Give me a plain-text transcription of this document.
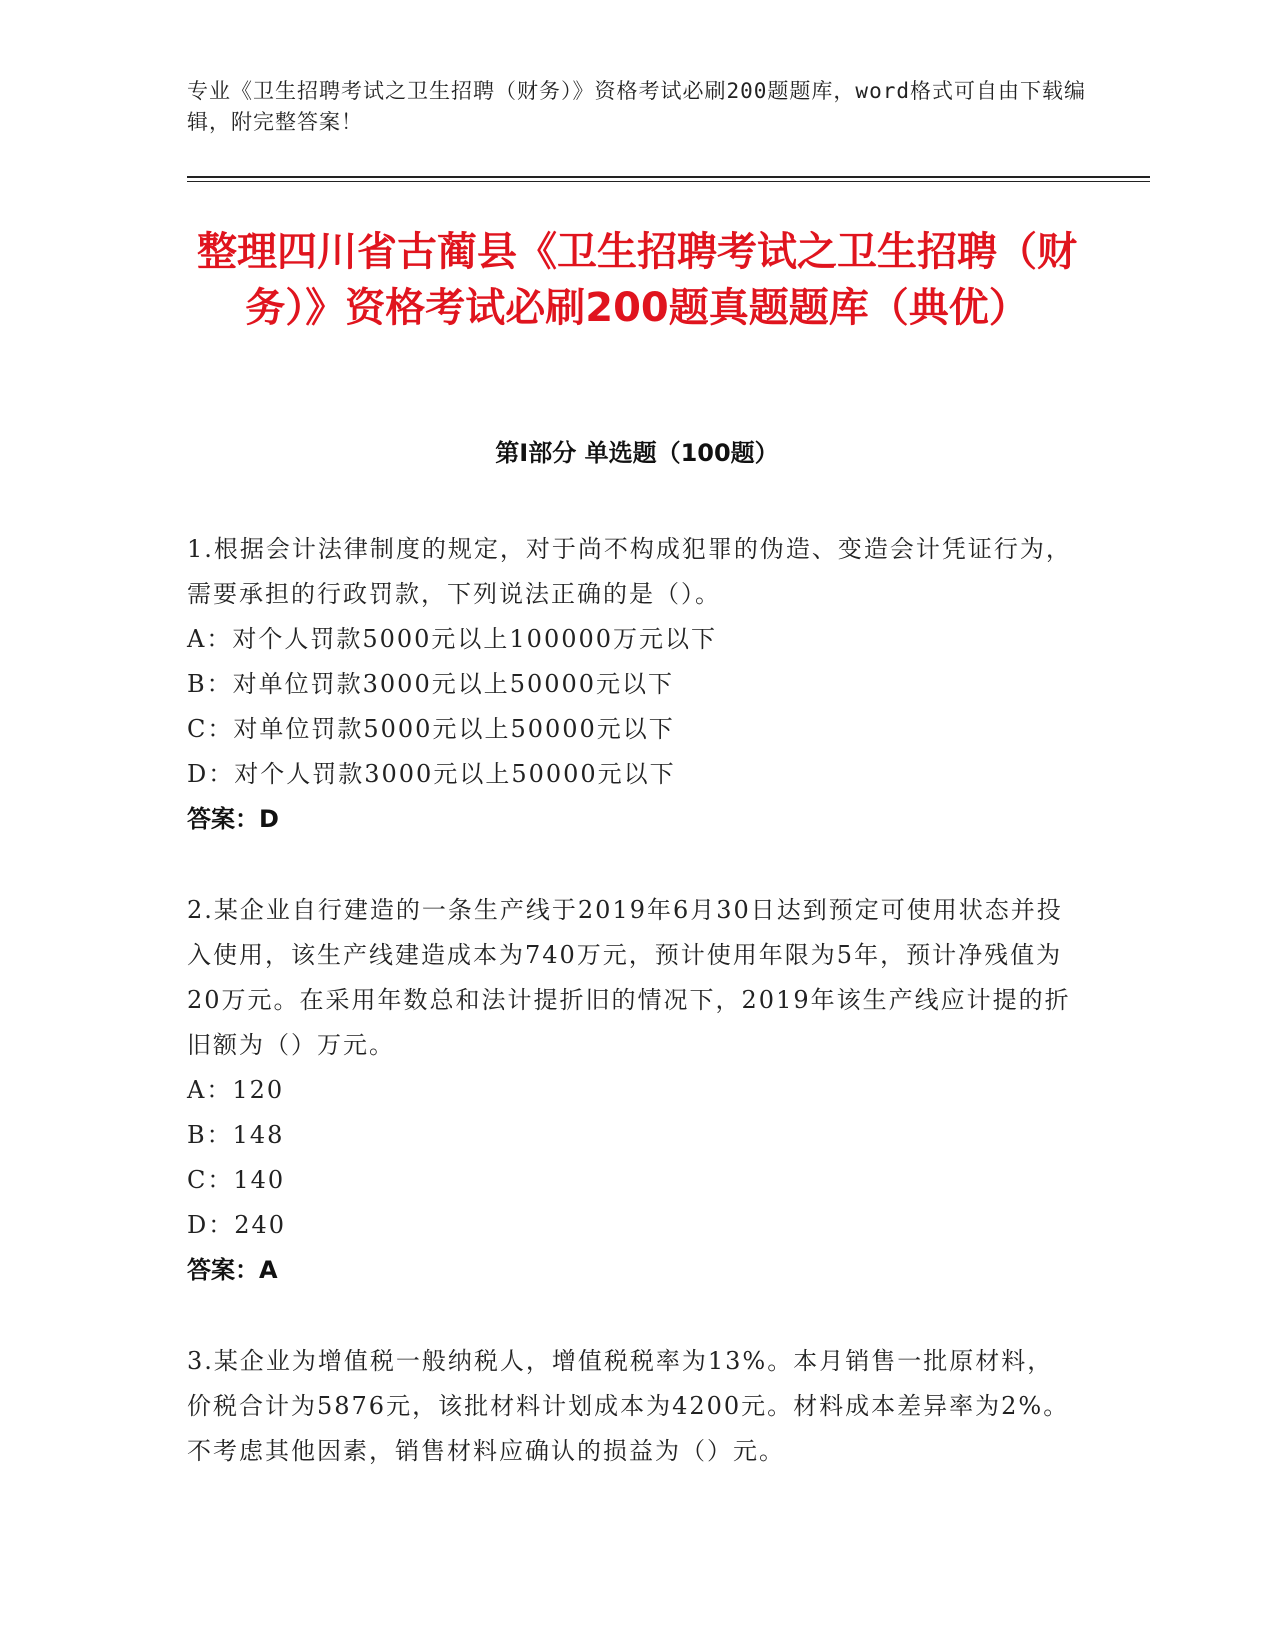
专业《卫生招聘考试之卫生招聘（财务）》资格考试必刷200题题库，word格式可自由下载编辑，附完整答案！
整理四川省古蔺县《卫生招聘考试之卫生招聘（财务）》资格考试必刷200题真题题库（典优）
第I部分 单选题（100题）
1.根据会计法律制度的规定，对于尚不构成犯罪的伪造、变造会计凭证行为，需要承担的行政罚款，下列说法正确的是（）。
A：对个人罚款5000元以上100000万元以下
B：对单位罚款3000元以上50000元以下
C：对单位罚款5000元以上50000元以下
D：对个人罚款3000元以上50000元以下
答案：D
2.某企业自行建造的一条生产线于2019年6月30日达到预定可使用状态并投入使用，该生产线建造成本为740万元，预计使用年限为5年，预计净残值为20万元。在采用年数总和法计提折旧的情况下，2019年该生产线应计提的折旧额为（）万元。
A：120
B：148
C：140
D：240
答案：A
3.某企业为增值税一般纳税人，增值税税率为13%。本月销售一批原材料，价税合计为5876元，该批材料计划成本为4200元。材料成本差异率为2%。不考虑其他因素，销售材料应确认的损益为（）元。
